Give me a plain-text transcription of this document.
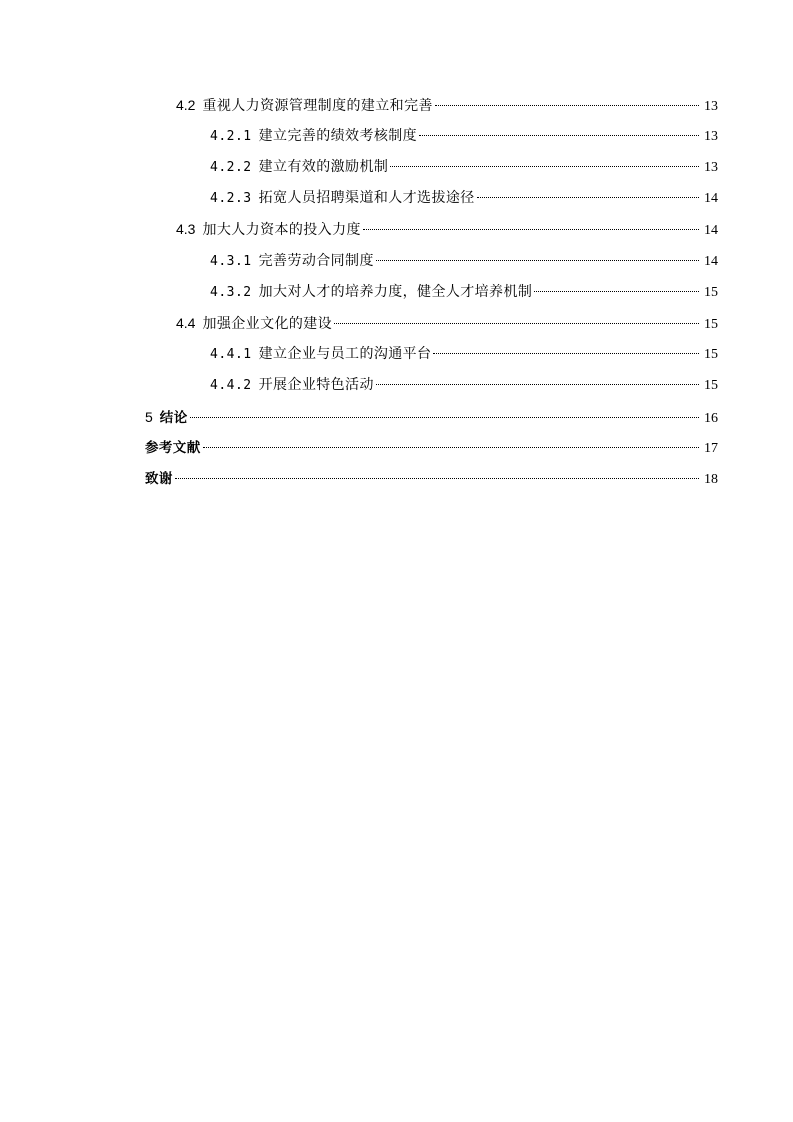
4.2 重视人力资源管理制度的建立和完善	13
4.2.1 建立完善的绩效考核制度	13
4.2.2 建立有效的激励机制	13
4.2.3 拓宽人员招聘渠道和人才选拔途径	14
4.3 加大人力资本的投入力度	14
4.3.1 完善劳动合同制度	14
4.3.2 加大对人才的培养力度，健全人才培养机制	15
4.4 加强企业文化的建设	15
4.4.1 建立企业与员工的沟通平台	15
4.4.2 开展企业特色活动	15
5 结论	16
参考文献	17
致谢	18
